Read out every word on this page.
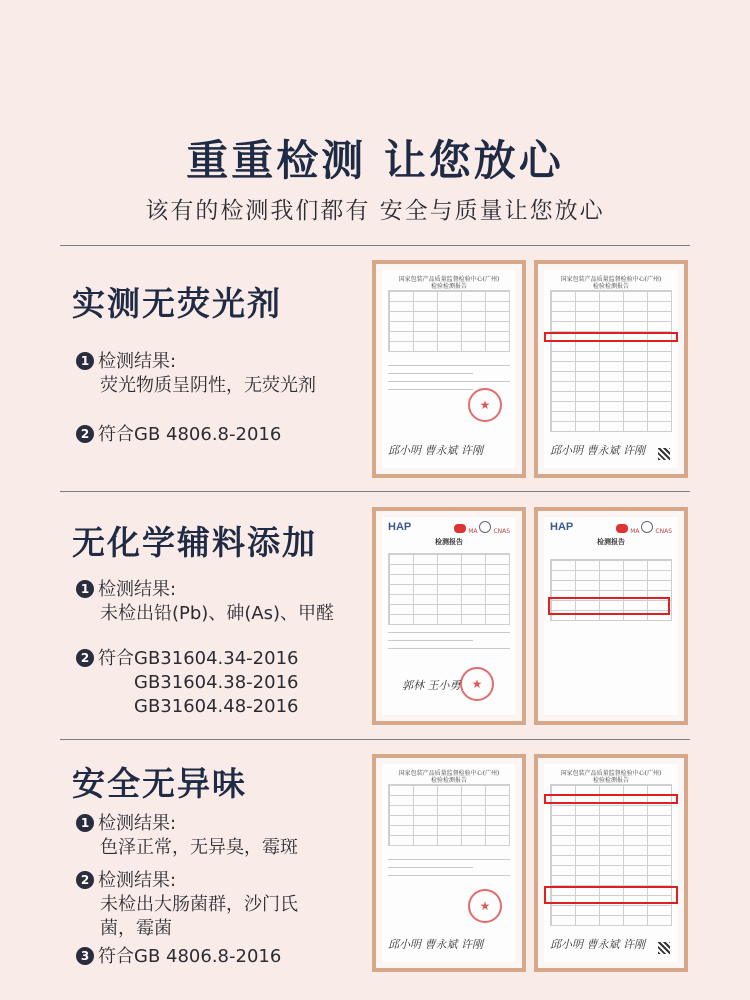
重重检测 让您放心
该有的检测我们都有 安全与质量让您放心
实测无荧光剂
1 检测结果:
荧光物质呈阴性，无荧光剂
2 符合GB 4806.8-2016
国家包装产品质量监督检验中心(广州)
检验检测报告
★
邱小明 曹永斌 许刚
国家包装产品质量监督检验中心(广州)
检验检测报告
邱小明 曹永斌 许刚
无化学辅料添加
1 检测结果:
未检出铅(Pb)、砷(As)、甲醛
2 符合GB31604.34-2016
GB31604.38-2016
GB31604.48-2016
HAP	MA	CNAS
检测报告
★
郭林 王小勇
HAP	MA	CNAS
检测报告
安全无异味
1 检测结果:
色泽正常，无异臭，霉斑
2 检测结果:
未检出大肠菌群，沙门氏
菌，霉菌
3 符合GB 4806.8-2016
国家包装产品质量监督检验中心(广州)
检验检测报告
★
邱小明 曹永斌 许刚
国家包装产品质量监督检验中心(广州)
检验检测报告
邱小明 曹永斌 许刚
